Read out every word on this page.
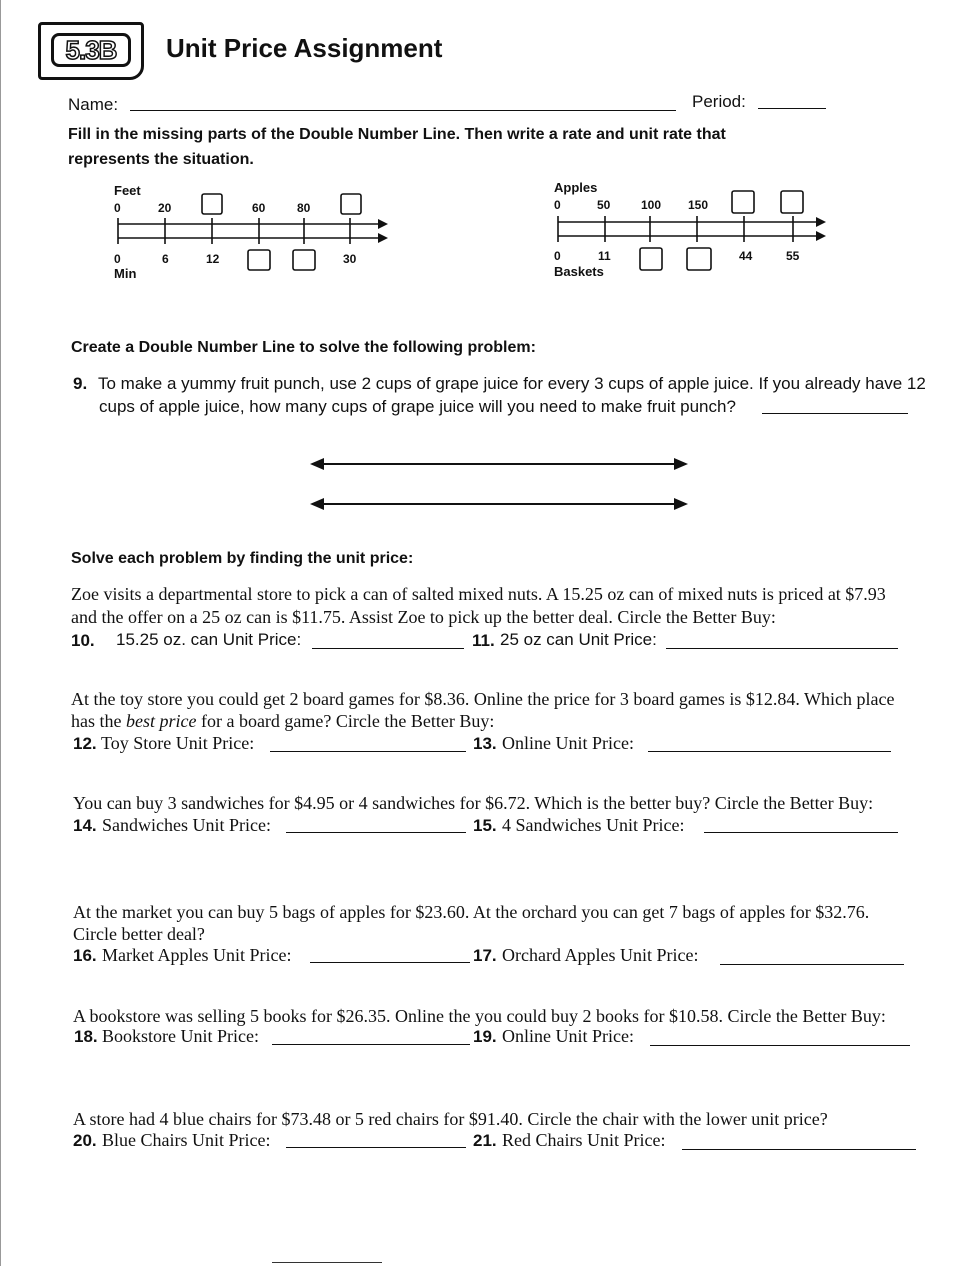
5.3B	Unit Price Assignment
Name:	Period:
Fill in the missing parts of the Double Number Line. Then write a rate and unit rate that
represents the situation.
Feet
0	20	60	80
0	6	12	30
Min
Apples
0	50	100 150
0	11	44	55
Baskets
Create a Double Number Line to solve the following problem:
9. To make a yummy fruit punch, use 2 cups of grape juice for every 3 cups of apple juice. If you already have 12
cups of apple juice, how many cups of grape juice will you need to make fruit punch?
Solve each problem by finding the unit price:
Zoe visits a departmental store to pick a can of salted mixed nuts. A 15.25 oz can of mixed nuts is priced at $7.93
and the offer on a 25 oz can is $11.75. Assist Zoe to pick up the better deal. Circle the Better Buy:
10. 15.25 oz. can Unit Price:	11. 25 oz can Unit Price:
At the toy store you could get 2 board games for $8.36. Online the price for 3 board games is $12.84. Which place
has the best price for a board game? Circle the Better Buy:
12. Toy Store Unit Price:	13. Online Unit Price:
You can buy 3 sandwiches for $4.95 or 4 sandwiches for $6.72. Which is the better buy? Circle the Better Buy:
14. Sandwiches Unit Price:	15. 4 Sandwiches Unit Price:
At the market you can buy 5 bags of apples for $23.60. At the orchard you can get 7 bags of apples for $32.76.
Circle better deal?
16. Market Apples Unit Price:	17. Orchard Apples Unit Price:
A bookstore was selling 5 books for $26.35. Online the you could buy 2 books for $10.58. Circle the Better Buy:
18. Bookstore Unit Price:	19. Online Unit Price:
A store had 4 blue chairs for $73.48 or 5 red chairs for $91.40. Circle the chair with the lower unit price?
20. Blue Chairs Unit Price:	21. Red Chairs Unit Price:
